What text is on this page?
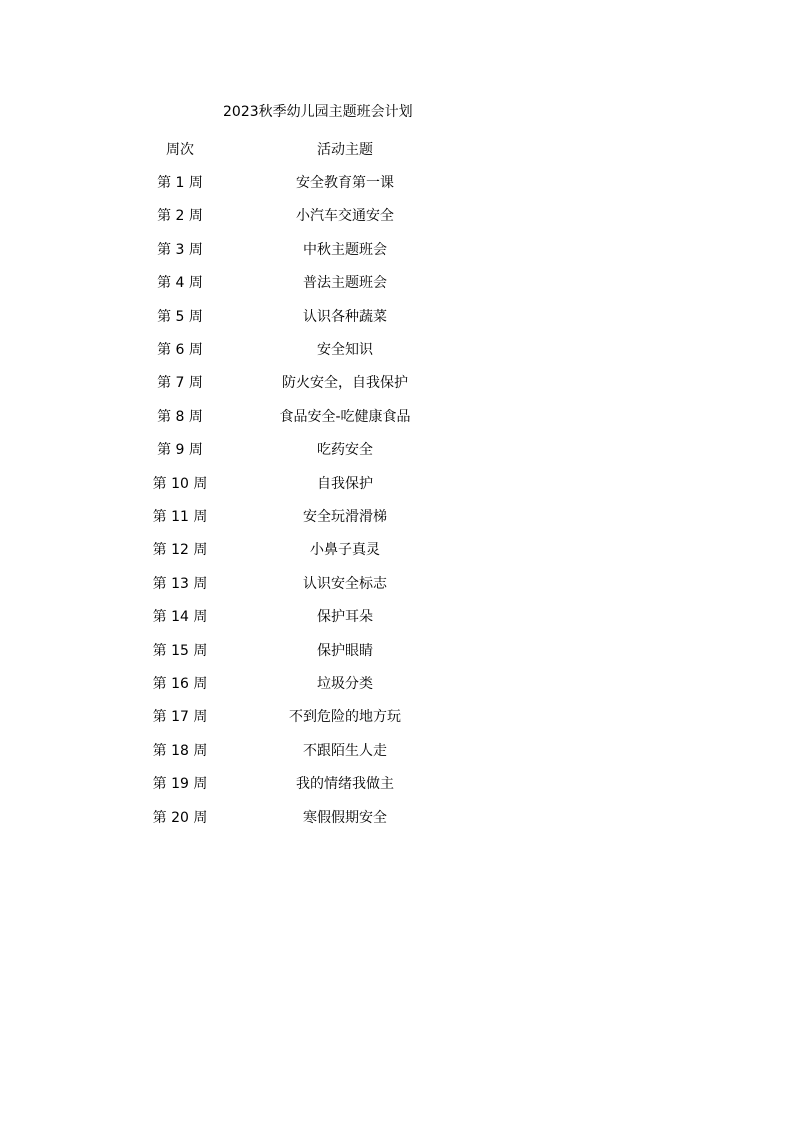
2023秋季幼儿园主题班会计划
周次	活动主题
第 1 周	安全教育第一课
第 2 周	小汽车交通安全
第 3 周	中秋主题班会
第 4 周	普法主题班会
第 5 周	认识各种蔬菜
第 6 周	安全知识
第 7 周	防火安全，自我保护
第 8 周	食品安全-吃健康食品
第 9 周	吃药安全
第 10 周	自我保护
第 11 周	安全玩滑滑梯
第 12 周	小鼻子真灵
第 13 周	认识安全标志
第 14 周	保护耳朵
第 15 周	保护眼睛
第 16 周	垃圾分类
第 17 周	不到危险的地方玩
第 18 周	不跟陌生人走
第 19 周	我的情绪我做主
第 20 周	寒假假期安全
